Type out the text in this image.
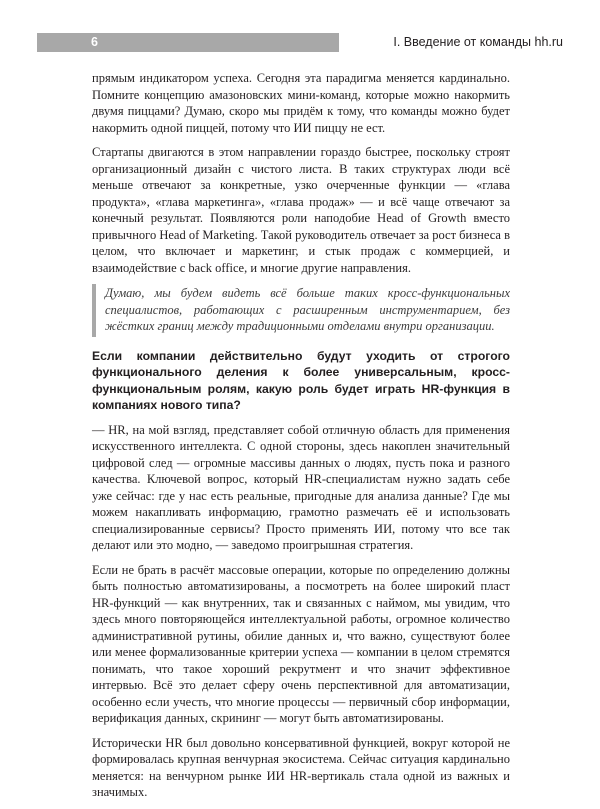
6	I. Введение от команды hh.ru

прямым индикатором успеха. Сегодня эта парадигма меняется кардинально. Помните концепцию амазоновских мини-команд, которые можно накормить двумя пиццами? Думаю, скоро мы придём к тому, что команды можно будет накормить одной пиццей, потому что ИИ пиццу не ест.

Стартапы двигаются в этом направлении гораздо быстрее, поскольку строят организационный дизайн с чистого листа. В таких структурах люди всё меньше отвечают за конкретные, узко очерченные функции — «глава продукта», «глава маркетинга», «глава продаж» — и всё чаще отвечают за конечный результат. Появляются роли наподобие Head of Growth вместо привычного Head of Marketing. Такой руководитель отвечает за рост бизнеса в целом, что включает и маркетинг, и стык продаж с коммерцией, и взаимодействие с back office, и многие другие направления.

Думаю, мы будем видеть всё больше таких кросс-функциональных специалистов, работающих с расширенным инструментарием, без жёстких границ между традиционными отделами внутри организации.

Если компании действительно будут уходить от строгого функционального деления к более универсальным, кросс-функциональным ролям, какую роль будет играть HR-функция в компаниях нового типа?

— HR, на мой взгляд, представляет собой отличную область для применения искусственного интеллекта. С одной стороны, здесь накоплен значительный цифровой след — огромные массивы данных о людях, пусть пока и разного качества. Ключевой вопрос, который HR-специалистам нужно задать себе уже сейчас: где у нас есть реальные, пригодные для анализа данные? Где мы можем накапливать информацию, грамотно размечать её и использовать специализированные сервисы? Просто применять ИИ, потому что все так делают или это модно, — заведомо проигрышная стратегия.

Если не брать в расчёт массовые операции, которые по определению должны быть полностью автоматизированы, а посмотреть на более широкий пласт HR-функций — как внутренних, так и связанных с наймом, мы увидим, что здесь много повторяющейся интеллектуальной работы, огромное количество административной рутины, обилие данных и, что важно, существуют более или менее формализованные критерии успеха — компании в целом стремятся понимать, что такое хороший рекрутмент и что значит эффективное интервью. Всё это делает сферу очень перспективной для автоматизации, особенно если учесть, что многие процессы — первичный сбор информации, верификация данных, скрининг — могут быть автоматизированы.

Исторически HR был довольно консервативной функцией, вокруг которой не формировалась крупная венчурная экосистема. Сейчас ситуация кардинально меняется: на венчурном рынке ИИ HR-вертикаль стала одной из важных и значимых.
